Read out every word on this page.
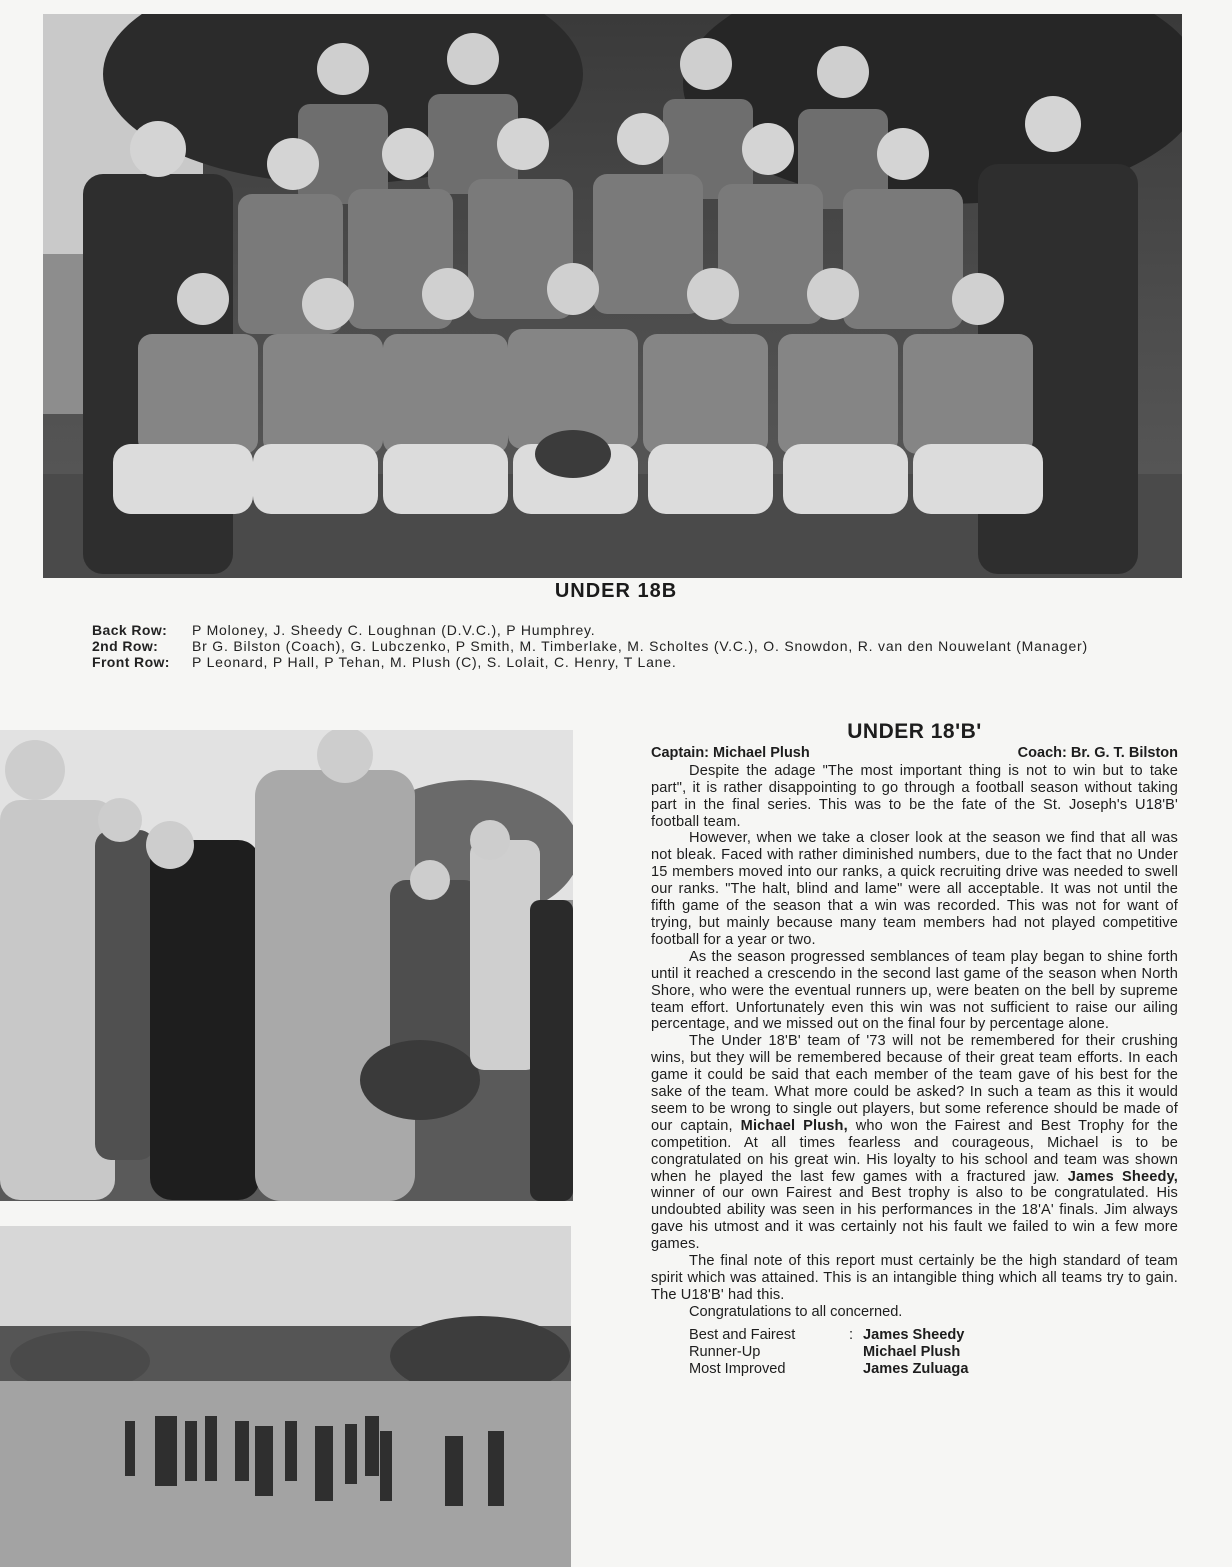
UNDER 18B
Back Row:	P Moloney, J. Sheedy C. Loughnan (D.V.C.), P Humphrey.
2nd Row:	Br G. Bilston (Coach), G. Lubczenko, P Smith, M. Timberlake, M. Scholtes (V.C.), O. Snowdon, R. van den Nouwelant (Manager)
Front Row:	P Leonard, P Hall, P Tehan, M. Plush (C), S. Lolait, C. Henry, T Lane.
UNDER 18'B'
Captain: Michael Plush	Coach: Br. G. T. Bilston

Despite the adage "The most important thing is not to win but to take part", it is rather disappointing to go through a football season without taking part in the final series. This was to be the fate of the St. Joseph's U18'B' football team.

However, when we take a closer look at the season we find that all was not bleak. Faced with rather diminished numbers, due to the fact that no Under 15 members moved into our ranks, a quick recruiting drive was needed to swell our ranks. "The halt, blind and lame" were all acceptable. It was not until the fifth game of the season that a win was recorded. This was not for want of trying, but mainly because many team members had not played competitive football for a year or two.

As the season progressed semblances of team play began to shine forth until it reached a crescendo in the second last game of the season when North Shore, who were the eventual runners up, were beaten on the bell by supreme team effort. Unfortunately even this win was not sufficient to raise our ailing percentage, and we missed out on the final four by percentage alone.

The Under 18'B' team of '73 will not be remembered for their crushing wins, but they will be remembered because of their great team efforts. In each game it could be said that each member of the team gave of his best for the sake of the team. What more could be asked? In such a team as this it would seem to be wrong to single out players, but some reference should be made of our captain, Michael Plush, who won the Fairest and Best Trophy for the competition. At all times fearless and courageous, Michael is to be congratulated on his great win. His loyalty to his school and team was shown when he played the last few games with a fractured jaw. James Sheedy, winner of our own Fairest and Best trophy is also to be congratulated. His undoubted ability was seen in his performances in the 18'A' finals. Jim always gave his utmost and it was certainly not his fault we failed to win a few more games.

The final note of this report must certainly be the high standard of team spirit which was attained. This is an intangible thing which all teams try to gain. The U18'B' had this.

Congratulations to all concerned.
Best and Fairest	: James Sheedy
Runner-Up	Michael Plush
Most Improved	James Zuluaga
